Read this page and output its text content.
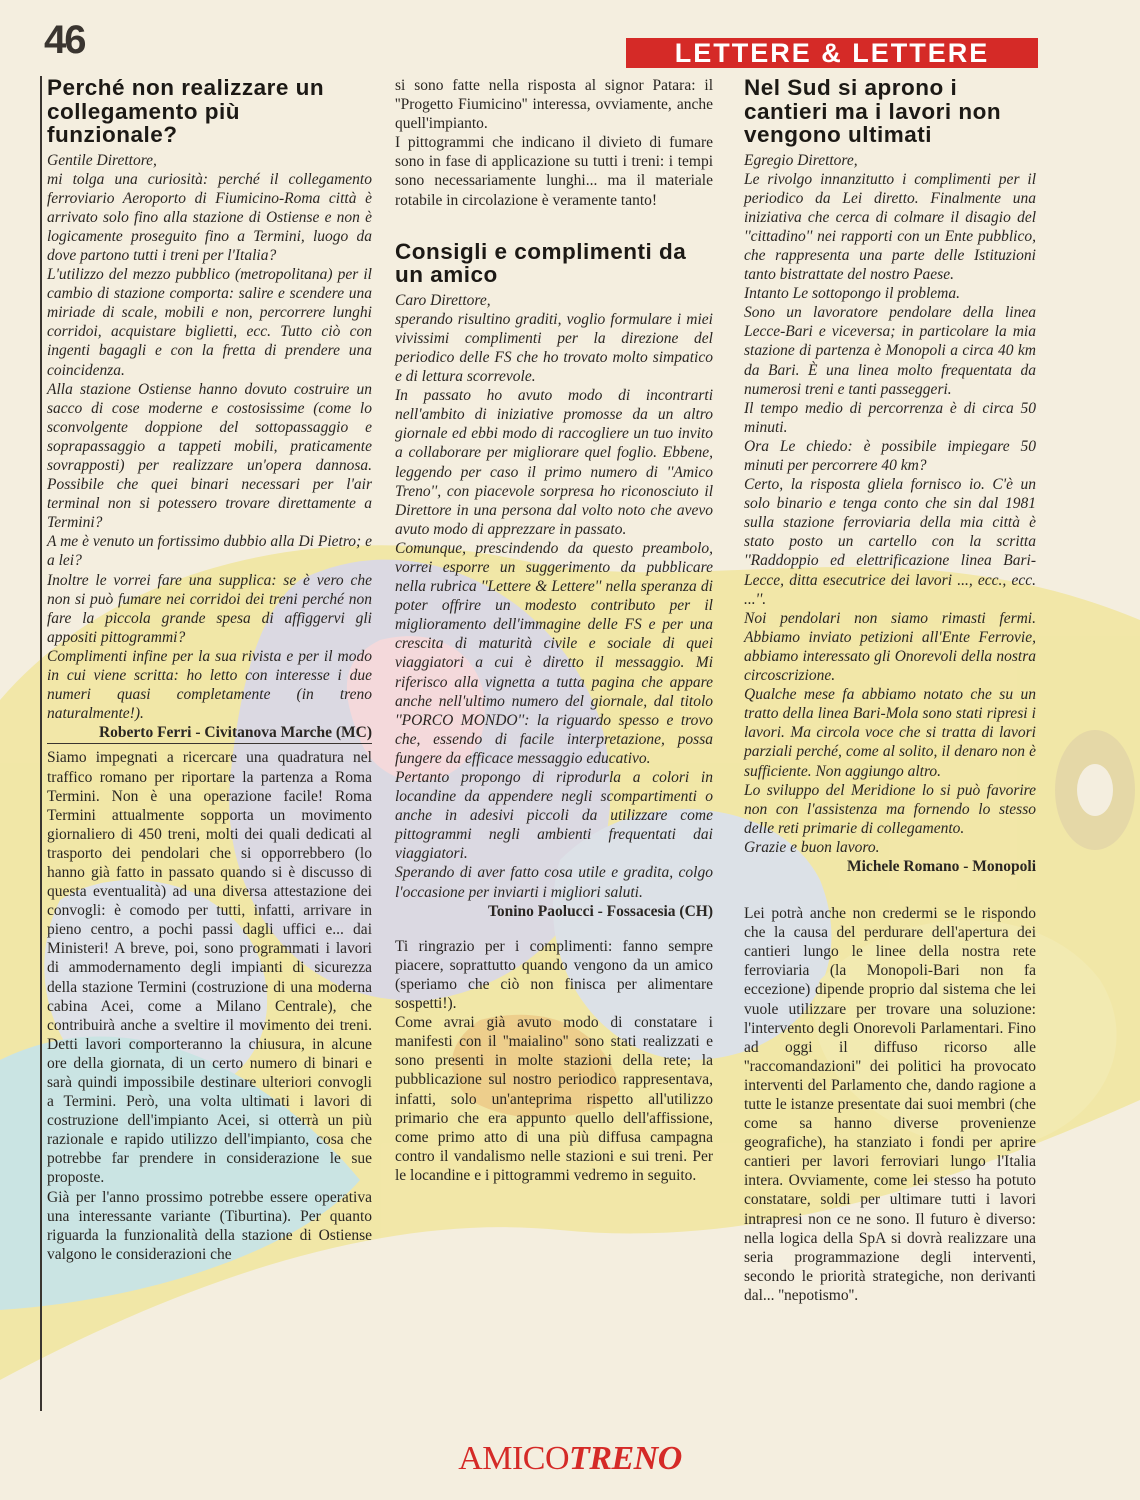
46	LETTERE & LETTERE
Perché non realizzare un collegamento più funzionale?

Gentile Direttore,

mi tolga una curiosità: perché il collegamento ferroviario Aeroporto di Fiumicino-Roma città è arrivato solo fino alla stazione di Ostiense e non è logicamente proseguito fino a Termini, luogo da dove partono tutti i treni per l'Italia?

L'utilizzo del mezzo pubblico (metropolitana) per il cambio di stazione comporta: salire e scendere una miriade di scale, mobili e non, percorrere lunghi corridoi, acquistare biglietti, ecc. Tutto ciò con ingenti bagagli e con la fretta di prendere una coincidenza.

Alla stazione Ostiense hanno dovuto costruire un sacco di cose moderne e costosissime (come lo sconvolgente doppione del sottopassaggio e soprapassaggio a tappeti mobili, praticamente sovrapposti) per realizzare un'opera dannosa. Possibile che quei binari necessari per l'air terminal non si potessero trovare direttamente a Termini?

A me è venuto un fortissimo dubbio alla Di Pietro; e a lei?

Inoltre le vorrei fare una supplica: se è vero che non si può fumare nei corridoi dei treni perché non fare la piccola grande spesa di affiggervi gli appositi pittogrammi?

Complimenti infine per la sua rivista e per il modo in cui viene scritta: ho letto con interesse i due numeri quasi completamente (in treno naturalmente!).

Roberto Ferri - Civitanova Marche (MC)

Siamo impegnati a ricercare una quadratura nel traffico romano per riportare la partenza a Roma Termini. Non è una operazione facile! Roma Termini attualmente sopporta un movimento giornaliero di 450 treni, molti dei quali dedicati al trasporto dei pendolari che si opporrebbero (lo hanno già fatto in passato quando si è discusso di questa eventualità) ad una diversa attestazione dei convogli: è comodo per tutti, infatti, arrivare in pieno centro, a pochi passi dagli uffici e... dai Ministeri! A breve, poi, sono programmati i lavori di ammodernamento degli impianti di sicurezza della stazione Termini (costruzione di una moderna cabina Acei, come a Milano Centrale), che contribuirà anche a sveltire il movimento dei treni. Detti lavori comporteranno la chiusura, in alcune ore della giornata, di un certo numero di binari e sarà quindi impossibile destinare ulteriori convogli a Termini. Però, una volta ultimati i lavori di costruzione dell'impianto Acei, si otterrà un più razionale e rapido utilizzo dell'impianto, cosa che potrebbe far prendere in considerazione le sue proposte.

Già per l'anno prossimo potrebbe essere operativa una interessante variante (Tiburtina). Per quanto riguarda la funzionalità della stazione di Ostiense valgono le considerazioni che

si sono fatte nella risposta al signor Patara: il ''Progetto Fiumicino'' interessa, ovviamente, anche quell'impianto.

I pittogrammi che indicano il divieto di fumare sono in fase di applicazione su tutti i treni: i tempi sono necessariamente lunghi... ma il materiale rotabile in circolazione è veramente tanto!

Consigli e complimenti da un amico

Caro Direttore,

sperando risultino graditi, voglio formulare i miei vivissimi complimenti per la direzione del periodico delle FS che ho trovato molto simpatico e di lettura scorrevole.

In passato ho avuto modo di incontrarti nell'ambito di iniziative promosse da un altro giornale ed ebbi modo di raccogliere un tuo invito a collaborare per migliorare quel foglio. Ebbene, leggendo per caso il primo numero di ''Amico Treno'', con piacevole sorpresa ho riconosciuto il Direttore in una persona dal volto noto che avevo avuto modo di apprezzare in passato.

Comunque, prescindendo da questo preambolo, vorrei esporre un suggerimento da pubblicare nella rubrica ''Lettere & Lettere'' nella speranza di poter offrire un modesto contributo per il miglioramento dell'immagine delle FS e per una crescita di maturità civile e sociale di quei viaggiatori a cui è diretto il messaggio. Mi riferisco alla vignetta a tutta pagina che appare anche nell'ultimo numero del giornale, dal titolo ''PORCO MONDO'': la riguardo spesso e trovo che, essendo di facile interpretazione, possa fungere da efficace messaggio educativo.

Pertanto propongo di riprodurla a colori in locandine da appendere negli scompartimenti o anche in adesivi piccoli da utilizzare come pittogrammi negli ambienti frequentati dai viaggiatori.

Sperando di aver fatto cosa utile e gradita, colgo l'occasione per inviarti i migliori saluti.

Tonino Paolucci - Fossacesia (CH)

Ti ringrazio per i complimenti: fanno sempre piacere, soprattutto quando vengono da un amico (speriamo che ciò non finisca per alimentare sospetti!).

Come avrai già avuto modo di constatare i manifesti con il ''maialino'' sono stati realizzati e sono presenti in molte stazioni della rete; la pubblicazione sul nostro periodico rappresentava, infatti, solo un'anteprima rispetto all'utilizzo primario che era appunto quello dell'affissione, come primo atto di una più diffusa campagna contro il vandalismo nelle stazioni e sui treni. Per le locandine e i pittogrammi vedremo in seguito.

Nel Sud si aprono i cantieri ma i lavori non vengono ultimati

Egregio Direttore,

Le rivolgo innanzitutto i complimenti per il periodico da Lei diretto. Finalmente una iniziativa che cerca di colmare il disagio del ''cittadino'' nei rapporti con un Ente pubblico, che rappresenta una parte delle Istituzioni tanto bistrattate del nostro Paese.

Intanto Le sottopongo il problema.

Sono un lavoratore pendolare della linea Lecce-Bari e viceversa; in particolare la mia stazione di partenza è Monopoli a circa 40 km da Bari. È una linea molto frequentata da numerosi treni e tanti passeggeri.

Il tempo medio di percorrenza è di circa 50 minuti.

Ora Le chiedo: è possibile impiegare 50 minuti per percorrere 40 km?

Certo, la risposta gliela fornisco io. C'è un solo binario e tenga conto che sin dal 1981 sulla stazione ferroviaria della mia città è stato posto un cartello con la scritta ''Raddoppio ed elettrificazione linea Bari-Lecce, ditta esecutrice dei lavori ..., ecc., ecc. ...''.

Noi pendolari non siamo rimasti fermi. Abbiamo inviato petizioni all'Ente Ferrovie, abbiamo interessato gli Onorevoli della nostra circoscrizione.

Qualche mese fa abbiamo notato che su un tratto della linea Bari-Mola sono stati ripresi i lavori. Ma circola voce che si tratta di lavori parziali perché, come al solito, il denaro non è sufficiente. Non aggiungo altro.

Lo sviluppo del Meridione lo si può favorire non con l'assistenza ma fornendo lo stesso delle reti primarie di collegamento.

Grazie e buon lavoro.

Michele Romano - Monopoli

Lei potrà anche non credermi se le rispondo che la causa del perdurare dell'apertura dei cantieri lungo le linee della nostra rete ferroviaria (la Monopoli-Bari non fa eccezione) dipende proprio dal sistema che lei vuole utilizzare per trovare una soluzione: l'intervento degli Onorevoli Parlamentari. Fino ad oggi il diffuso ricorso alle ''raccomandazioni'' dei politici ha provocato interventi del Parlamento che, dando ragione a tutte le istanze presentate dai suoi membri (che come sa hanno diverse provenienze geografiche), ha stanziato i fondi per aprire cantieri per lavori ferroviari lungo l'Italia intera. Ovviamente, come lei stesso ha potuto constatare, soldi per ultimare tutti i lavori intrapresi non ce ne sono. Il futuro è diverso: nella logica della SpA si dovrà realizzare una seria programmazione degli interventi, secondo le priorità strategiche, non derivanti dal... ''nepotismo''.

AMICOTRENO
